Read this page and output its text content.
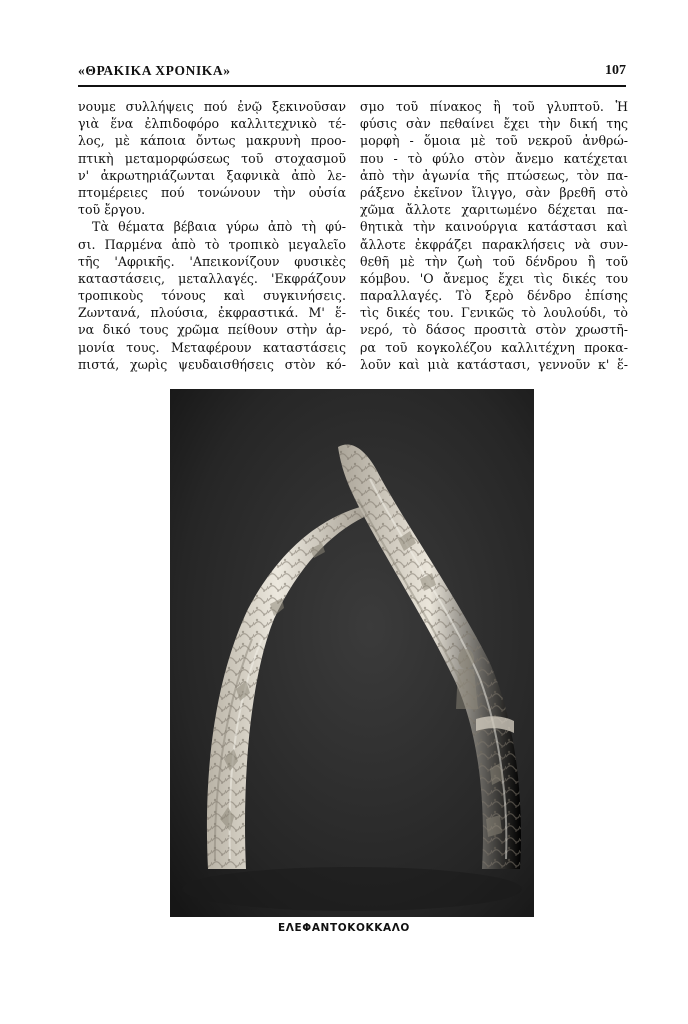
«ΘΡΑΚΙΚΑ ΧΡΟΝΙΚΑ»	107
νουμε συλλήψεις πού ἐνῷ ξεκινοῦσαν
γιὰ ἕνα ἐλπιδοφόρο καλλιτεχνικὸ τέ-
λος, μὲ κάποια ὄντως μακρυνὴ προο-
πτικὴ μεταμορφώσεως τοῦ στοχασμοῦ
ν' ἀκρωτηριάζωνται ξαφνικὰ ἀπὸ λε-
πτομέρειες πού τονώνουν τὴν οὐσία
τοῦ ἔργου.
Τὰ θέματα βέβαια γύρω ἀπὸ τὴ φύ-
σι. Παρμένα ἀπὸ τὸ τροπικὸ μεγαλεῖο
τῆς 'Αφρικῆς. 'Απεικονίζουν φυσικὲς
καταστάσεις, μεταλλαγές. 'Εκφράζουν
τροπικοὺς τόνους καὶ συγκινήσεις.
Ζωντανά, πλούσια, ἐκφραστικά. Μ' ἕ-
να δικό τους χρῶμα πείθουν στὴν ἁρ-
μονία τους. Μεταφέρουν καταστάσεις
πιστά, χωρὶς ψευδαισθήσεις στὸν κό-
σμο τοῦ πίνακος ἢ τοῦ γλυπτοῦ. Ἡ
φύσις σὰν πεθαίνει ἔχει τὴν δική της
μορφὴ - ὅμοια μὲ τοῦ νεκροῦ ἀνθρώ-
που - τὸ φύλο στὸν ἄνεμο κατέχεται
ἀπὸ τὴν ἀγωνία τῆς πτώσεως, τὸν πα-
ράξενο ἐκεῖνον ἴλιγγο, σὰν βρεθῆ στὸ
χῶμα ἄλλοτε χαριτωμένο δέχεται πα-
θητικὰ τὴν καινούργια κατάστασι καὶ
ἄλλοτε ἐκφράζει παρακλήσεις νὰ συν-
θεθῆ μὲ τὴν ζωὴ τοῦ δένδρου ἢ τοῦ
κόμβου. 'Ο ἄνεμος ἔχει τὶς δικές του
παραλλαγές. Τὸ ξερὸ δένδρο ἐπίσης
τὶς δικές του. Γενικῶς τὸ λουλούδι, τὸ
νερό, τὸ δάσος προσιτὰ στὸν χρωστῆ-
ρα τοῦ κογκολέζου καλλιτέχνη προκα-
λοῦν καὶ μιὰ κατάστασι, γεννοῦν κ' ἕ-
ΕΛΕΦΑΝΤΟΚΟΚΚΑΛΟ
